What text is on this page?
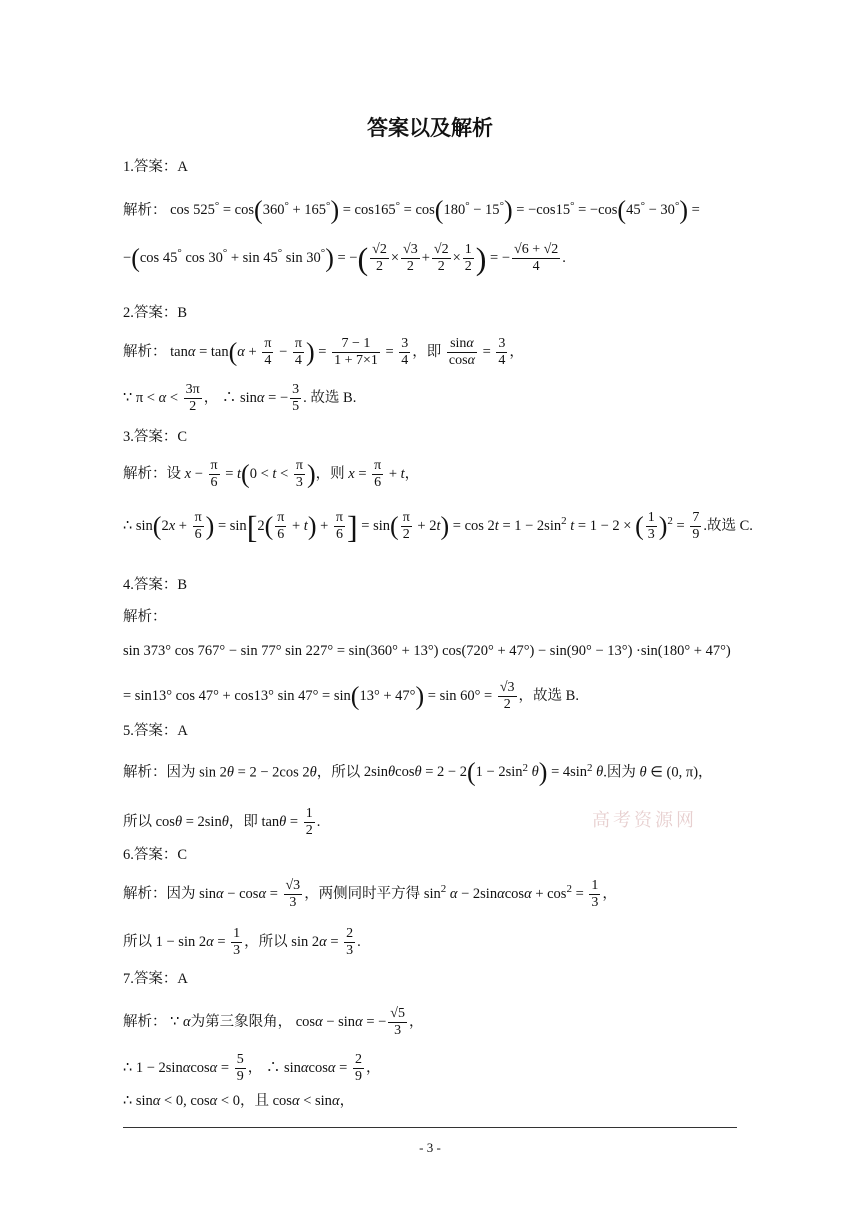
答案以及解析
1.答案：A
解析： cos 525° = cos(360° + 165°) = cos165° = cos(180° − 15°) = −cos15° = −cos(45° − 30°) =
−(cos 45° cos 30° + sin 45° sin 30°) = −( $\frac{√2}{2} \times \frac{√3}{2} + \frac{√2}{2} \times \frac{1}{2}$ ) = − $\frac{√6 + √2}{4}$ .
2.答案：B
解析： $\tan\alpha = \tan(\alpha + \frac{\pi}{4} - \frac{\pi}{4}$ ) = $\frac{7 - 1}{1 + 7\times 1} = \frac{3}{4}$ ，即 $\frac{\sin\alpha}{\cos\alpha} = \frac{3}{4}$ ，
∵ $\pi < \alpha < \frac{3\pi}{2}$ ， ∴ sinα = − $\frac{3}{5}$ . 故选 B.
3.答案：C
解析：设 $x - \frac{\pi}{6} = t(0 < t < \frac{\pi}{3}$ )，则 $x = \frac{\pi}{6} + t$，
∴ $\sin(2x + \frac{\pi}{6}$ ) = $\sin[2( \frac{\pi}{6} + t) + \frac{\pi}{6}$ ] = $\sin( \frac{\pi}{2} + 2t) = \cos 2t = 1 - 2\sin^2$ t = 1 − 2 × ( $\frac{1}{3} )^2 = \frac{7}{9}$ .故选 C.
4.答案：B
解析：
sin 373° cos 767° − sin 77° sin 227° = sin(360° + 13°) cos(720° + 47°) − sin(90° − 13°) ·sin(180° + 47°)
= sin13° cos 47° + cos13° $\sin 47^\circ = \sin(13^\circ + 47^\circ) = \sin 60^\circ = \frac{√3}{2}$ ，故选 B.
5.答案：A
解析：因为 sin 2θ = 2 − 2cos 2θ，所以 $2\sin\theta\cos\theta = 2 - 2(1 - 2\sin^2$ $\theta) = 4\sin^2$ θ.因为 θ ∈ (0, π)，
所以 cosθ = 2sinθ，即 $\tan\theta = \frac{1}{2}$ .	高考资源网
6.答案：C
解析：因为 $\sin\alpha - \cos\alpha = \frac{√3}{3}$ ，两侧同时平方得 $\sin^2 \alpha - 2\sin\alpha\cos\alpha + \cos^2 = \frac{1}{3}$ ，
所以 $1 - \sin 2\alpha = \frac{1}{3}$ ，所以 $\sin 2\alpha = \frac{2}{3}$ .
7.答案：A
解析： ∵ α为第三象限角， cosα − sinα = − $\frac{√5}{3}$ ，
∴ $1 - 2\sin\alpha\cos\alpha = \frac{5}{9}$ ， ∴ $\sin\alpha\cos\alpha = \frac{2}{9}$ ，
∴ sinα < 0, cosα < 0，且 cosα < sinα，
- 3 -
